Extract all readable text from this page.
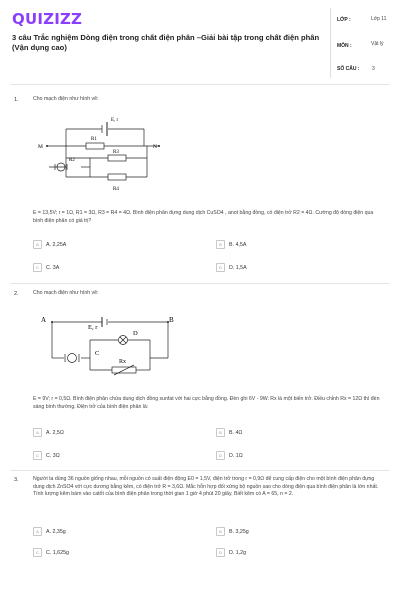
QUIZIZZ
3 câu Trắc nghiệm Dòng điện trong chất điện phân –Giải bài tập trong chất điện phân (Vận dụng cao)
LỚP :	Lớp 11
MÔN :	Vật lý
SỐ CÂU :	3
1.	Cho mạch điện như hình vẽ:
E, r
R1
R2
R3
R4
M	N
E = 13,5V; r = 1Ω, R1 = 3Ω, R3 = R4 = 4Ω. Bình điện phân đựng dung dịch CuSO4 , anot bằng đồng, có điện trở R2 = 4Ω. Cường độ dòng điện qua bình điện phân có giá trị?
A	A. 2,25A	B	B. 4,5A
C	C. 3A	D	D. 1,5A
2.	Cho mạch điện như hình vẽ:
A	B
E, r
C
D
Rx
E = 9V; r = 0,5Ω. Bình điện phân chứa dung dịch đồng sunfat với hai cực bằng đồng. Đèn ghi 6V - 9W. Rx là một biến trở. Điều chỉnh Rx = 12Ω thì đèn sáng bình thường. Điện trở của bình điện phân là:
A	A. 2,5Ω	B	B. 4Ω
C	C. 3Ω	D	D. 1Ω
3.	Người ta dùng 36 nguồn giống nhau, mỗi nguồn có suất điện động E0 = 1,5V, điện trở trong r = 0,9Ω để cung cấp điện cho một bình điện phân đựng dung dịch ZnSO4 với cực dương bằng kẽm, có điện trở R = 3,6Ω. Mắc hỗn hợp đối xứng bộ nguồn sao cho dòng điện qua bình điện phân là lớn nhất. Tính lượng kẽm bám vào catốt của bình điện phân trong thời gian 1 giờ 4 phút 20 giây. Biết kẽm có A = 65, n = 2.
A	A. 2,35g	B	B. 3,25g
C	C. 1,625g	D	D. 1,2g
